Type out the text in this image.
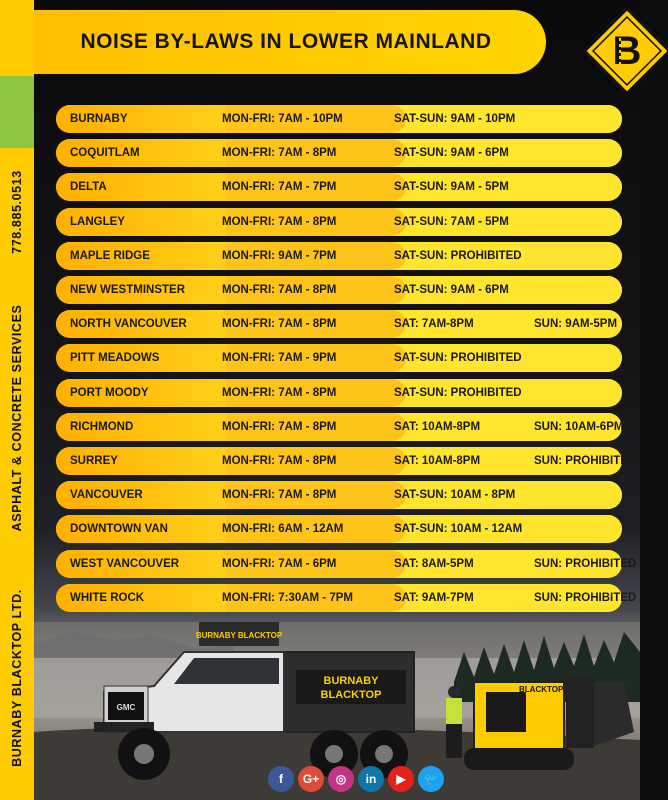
778.885.0513
ASPHALT & CONCRETE SERVICES
BURNABY BLACKTOP LTD.
NOISE BY-LAWS IN LOWER MAINLAND	B
BURNABY	MON-FRI: 7AM - 10PM	SAT-SUN: 9AM - 10PM
COQUITLAM	MON-FRI: 7AM - 8PM	SAT-SUN: 9AM - 6PM
DELTA	MON-FRI: 7AM - 7PM	SAT-SUN: 9AM - 5PM
LANGLEY	MON-FRI: 7AM - 8PM	SAT-SUN: 7AM - 5PM
MAPLE RIDGE	MON-FRI: 9AM - 7PM	SAT-SUN: PROHIBITED
NEW WESTMINSTER	MON-FRI: 7AM - 8PM	SAT-SUN: 9AM - 6PM
NORTH VANCOUVER	MON-FRI: 7AM - 8PM	SAT: 7AM-8PM	SUN: 9AM-5PM
PITT MEADOWS	MON-FRI: 7AM - 9PM	SAT-SUN: PROHIBITED
PORT MOODY	MON-FRI: 7AM - 8PM	SAT-SUN: PROHIBITED
RICHMOND	MON-FRI: 7AM - 8PM	SAT: 10AM-8PM	SUN: 10AM-6PM
SURREY	MON-FRI: 7AM - 8PM	SAT: 10AM-8PM	SUN: PROHIBITED
VANCOUVER	MON-FRI: 7AM - 8PM	SAT-SUN: 10AM - 8PM
DOWNTOWN VAN	MON-FRI: 6AM - 12AM	SAT-SUN: 10AM - 12AM
WEST VANCOUVER	MON-FRI: 7AM - 6PM	SAT: 8AM-5PM	SUN: PROHIBITED
WHITE ROCK	MON-FRI: 7:30AM - 7PM	SAT: 9AM-7PM	SUN: PROHIBITED
BURNABY
BLACKTOP
BURNABY BLACKTOP
GMC
BLACKTOP
f	G+	◎	in	▶	🐦
